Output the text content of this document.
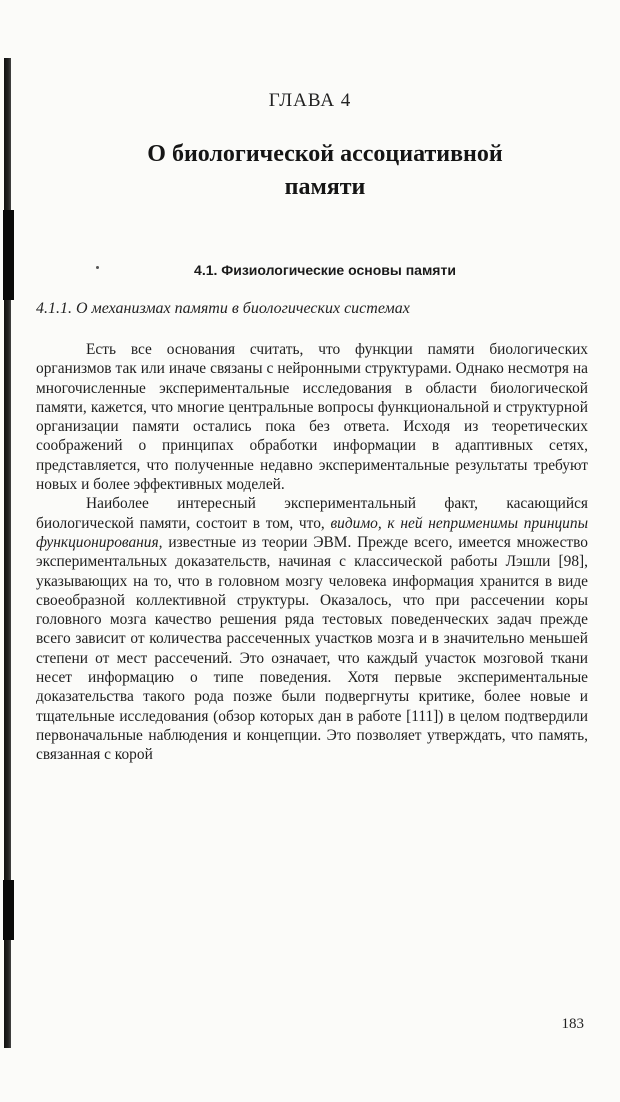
ГЛАВА 4
О биологической ассоциативной
памяти
4.1. Физиологические основы памяти
4.1.1. О механизмах памяти в биологических системах

Есть все основания считать, что функции памяти биологических организмов так или иначе связаны с нейронными структурами. Однако несмотря на многочисленные экспериментальные исследования в области биологической памяти, кажется, что многие центральные вопросы функциональной и структурной организации памяти остались пока без ответа. Исходя из теоретических соображений о принципах обработки информации в адаптивных сетях, представляется, что полученные недавно экспериментальные результаты требуют новых и более эффективных моделей.

Наиболее интересный экспериментальный факт, касающийся биологической памяти, состоит в том, что, видимо, к ней неприменимы принципы функционирования, известные из теории ЭВМ. Прежде всего, имеется множество экспериментальных доказательств, начиная с классической работы Лэшли [98], указывающих на то, что в головном мозгу человека информация хранится в виде своеобразной коллективной структуры. Оказалось, что при рассечении коры головного мозга качество решения ряда тестовых поведенческих задач прежде всего зависит от количества рассеченных участков мозга и в значительно меньшей степени от мест рассечений. Это означает, что каждый участок мозговой ткани несет информацию о типе поведения. Хотя первые экспериментальные доказательства такого рода позже были подвергнуты критике, более новые и тщательные исследования (обзор которых дан в работе [111]) в целом подтвердили первоначальные наблюдения и концепции. Это позволяет утверждать, что память, связанная с корой

183
